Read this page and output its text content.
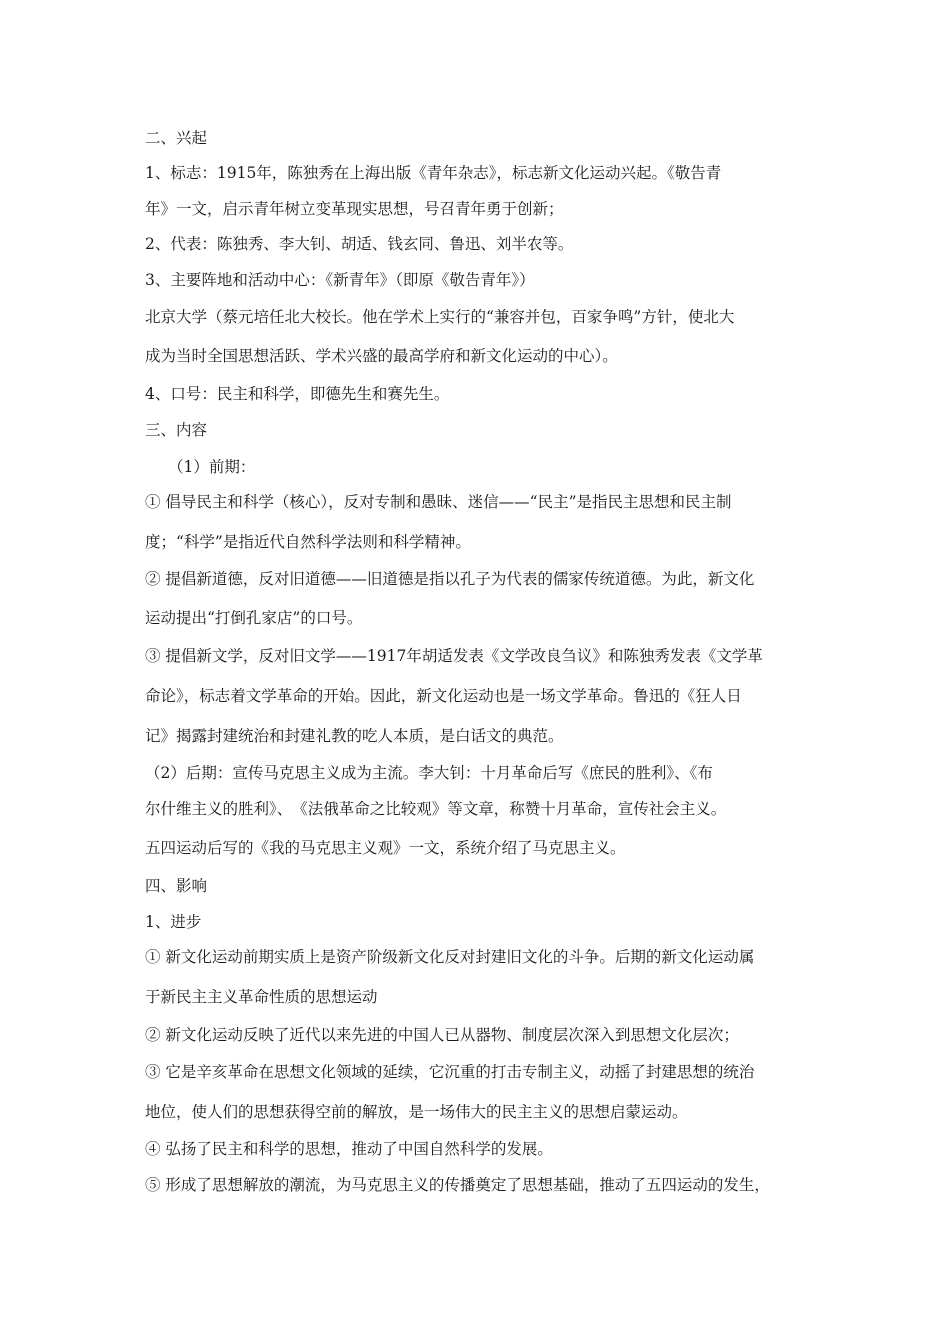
二、兴起
1、标志：1915年，陈独秀在上海出版《青年杂志》，标志新文化运动兴起。《敬告青
年》一文，启示青年树立变革现实思想，号召青年勇于创新；
2、代表：陈独秀、李大钊、胡适、钱玄同、鲁迅、刘半农等。
3、主要阵地和活动中心：《新青年》（即原《敬告青年》）
北京大学（蔡元培任北大校长。他在学术上实行的“兼容并包，百家争鸣”方针，使北大
成为当时全国思想活跃、学术兴盛的最高学府和新文化运动的中心）。
4、口号：民主和科学，即德先生和赛先生。
三、内容
（1）前期：
① 倡导民主和科学（核心），反对专制和愚昧、迷信——“民主”是指民主思想和民主制
度；“科学”是指近代自然科学法则和科学精神。
② 提倡新道德，反对旧道德——旧道德是指以孔子为代表的儒家传统道德。为此，新文化
运动提出“打倒孔家店”的口号。
③ 提倡新文学，反对旧文学——1917年胡适发表《文学改良刍议》和陈独秀发表《文学革
命论》，标志着文学革命的开始。因此，新文化运动也是一场文学革命。鲁迅的《狂人日
记》揭露封建统治和封建礼教的吃人本质，是白话文的典范。
（2）后期：宣传马克思主义成为主流。李大钊：十月革命后写《庶民的胜利》、《布
尔什维主义的胜利》、　《法俄革命之比较观》等文章，称赞十月革命，宣传社会主义。
五四运动后写的《我的马克思主义观》一文，系统介绍了马克思主义。
四、影响
1、进步
① 新文化运动前期实质上是资产阶级新文化反对封建旧文化的斗争。后期的新文化运动属
于新民主主义革命性质的思想运动
② 新文化运动反映了近代以来先进的中国人已从器物、制度层次深入到思想文化层次；
③ 它是辛亥革命在思想文化领域的延续，它沉重的打击专制主义，动摇了封建思想的统治
地位，使人们的思想获得空前的解放，是一场伟大的民主主义的思想启蒙运动。
④ 弘扬了民主和科学的思想，推动了中国自然科学的发展。
⑤ 形成了思想解放的潮流，为马克思主义的传播奠定了思想基础，推动了五四运动的发生，
